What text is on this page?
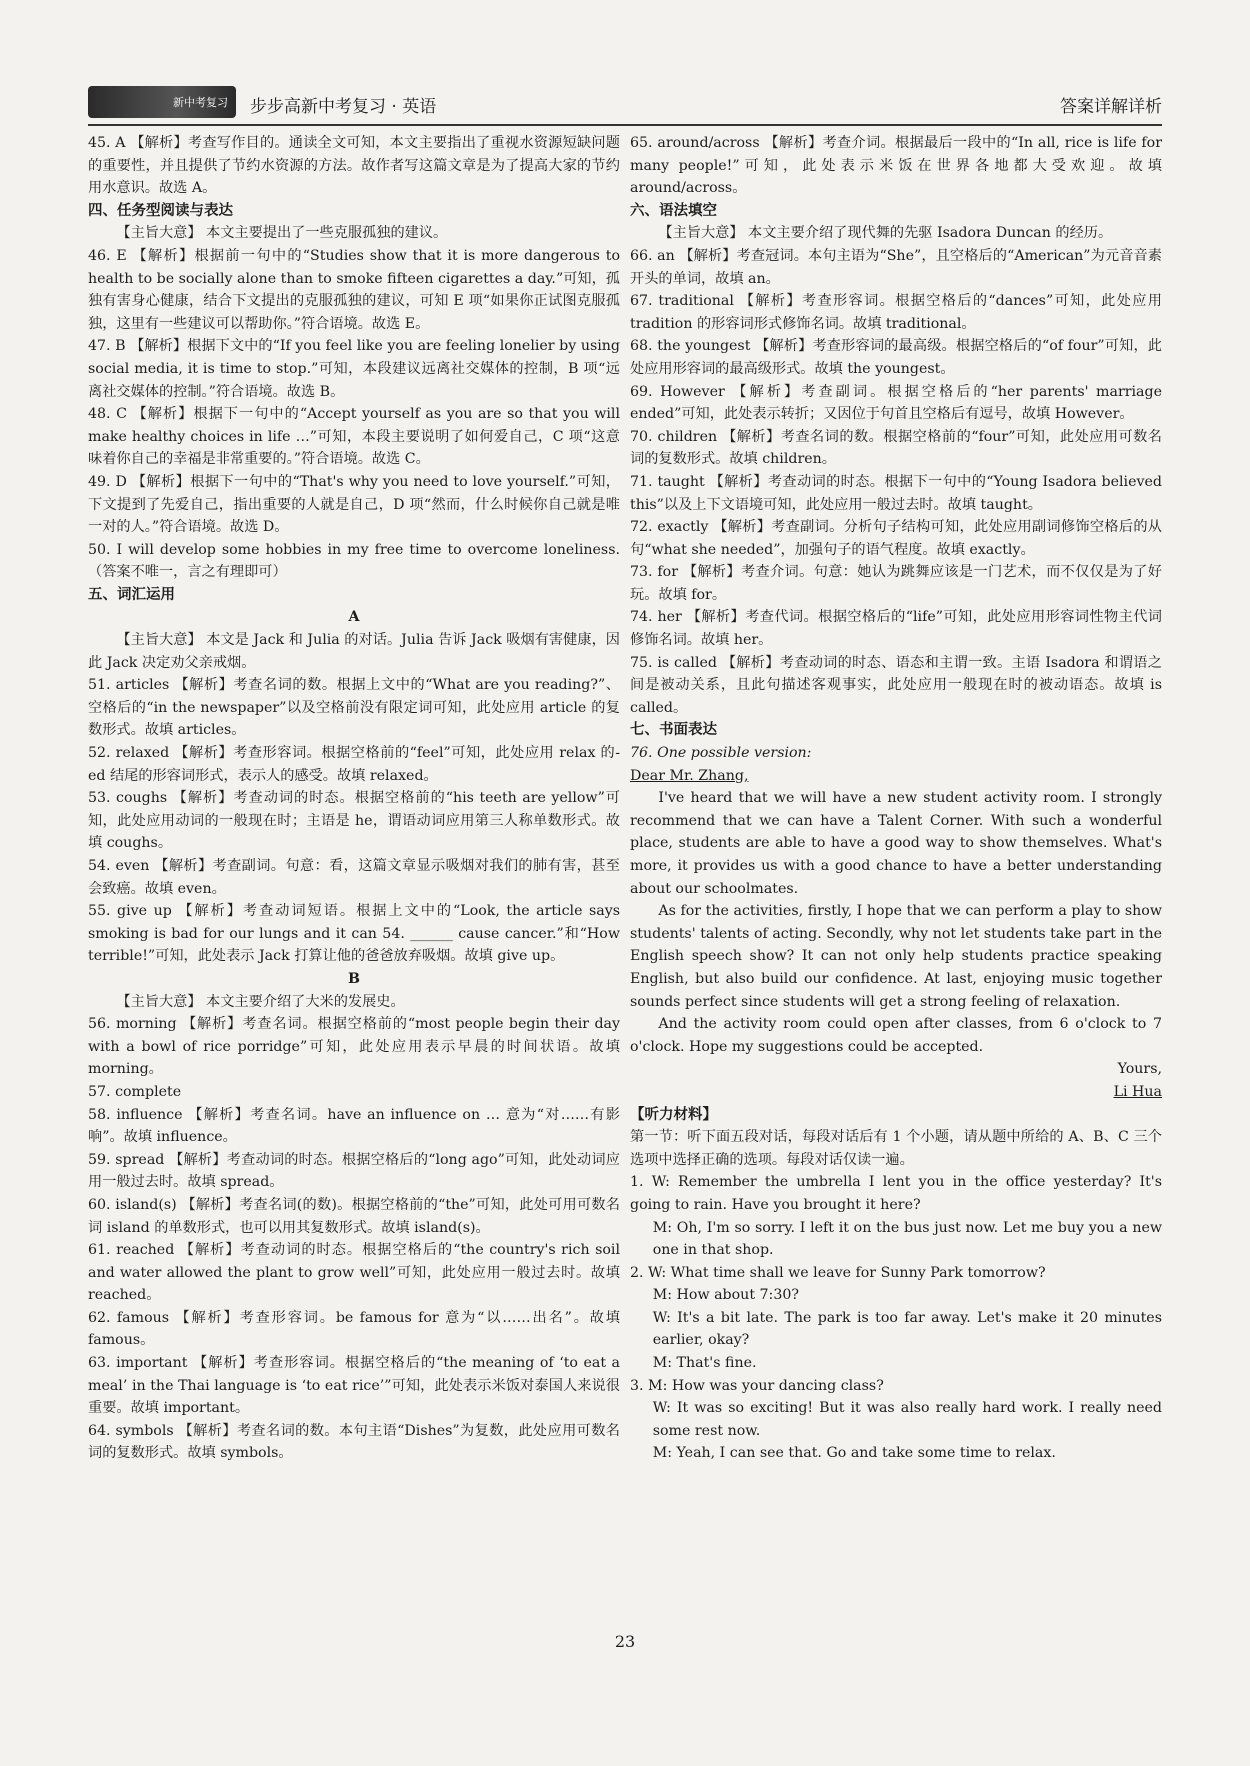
新中考复习 步步高新中考复习 · 英语	答案详解详析

45. A 【解析】考查写作目的。通读全文可知，本文主要指出了重视水资源短缺问题的重要性，并且提供了节约水资源的方法。故作者写这篇文章是为了提高大家的节约用水意识。故选 A。

四、任务型阅读与表达

【主旨大意】 本文主要提出了一些克服孤独的建议。

46. E 【解析】根据前一句中的“Studies show that it is more dangerous to health to be socially alone than to smoke fifteen cigarettes a day.”可知，孤独有害身心健康，结合下文提出的克服孤独的建议，可知 E 项“如果你正试图克服孤独，这里有一些建议可以帮助你。”符合语境。故选 E。

47. B 【解析】根据下文中的“If you feel like you are feeling lonelier by using social media, it is time to stop.”可知，本段建议远离社交媒体的控制，B 项“远离社交媒体的控制。”符合语境。故选 B。

48. C 【解析】根据下一句中的“Accept yourself as you are so that you will make healthy choices in life …”可知，本段主要说明了如何爱自己，C 项“这意味着你自己的幸福是非常重要的。”符合语境。故选 C。

49. D 【解析】根据下一句中的“That's why you need to love yourself.”可知，下文提到了先爱自己，指出重要的人就是自己，D 项“然而，什么时候你自己就是唯一对的人。”符合语境。故选 D。

50. I will develop some hobbies in my free time to overcome loneliness.（答案不唯一，言之有理即可）

五、词汇运用

A

【主旨大意】 本文是 Jack 和 Julia 的对话。Julia 告诉 Jack 吸烟有害健康，因此 Jack 决定劝父亲戒烟。

51. articles 【解析】考查名词的数。根据上文中的“What are you reading?”、空格后的“in the newspaper”以及空格前没有限定词可知，此处应用 article 的复数形式。故填 articles。

52. relaxed 【解析】考查形容词。根据空格前的“feel”可知，此处应用 relax 的-ed 结尾的形容词形式，表示人的感受。故填 relaxed。

53. coughs 【解析】考查动词的时态。根据空格前的“his teeth are yellow”可知，此处应用动词的一般现在时；主语是 he，谓语动词应用第三人称单数形式。故填 coughs。

54. even 【解析】考查副词。句意：看，这篇文章显示吸烟对我们的肺有害，甚至会致癌。故填 even。

55. give up 【解析】考查动词短语。根据上文中的“Look, the article says smoking is bad for our lungs and it can 54. ______ cause cancer.”和“How terrible!”可知，此处表示 Jack 打算让他的爸爸放弃吸烟。故填 give up。

B

【主旨大意】 本文主要介绍了大米的发展史。

56. morning 【解析】考查名词。根据空格前的“most people begin their day with a bowl of rice porridge”可知，此处应用表示早晨的时间状语。故填 morning。

57. complete

58. influence 【解析】考查名词。have an influence on … 意为“对……有影响”。故填 influence。

59. spread 【解析】考查动词的时态。根据空格后的“long ago”可知，此处动词应用一般过去时。故填 spread。

60. island(s) 【解析】考查名词(的数)。根据空格前的“the”可知，此处可用可数名词 island 的单数形式，也可以用其复数形式。故填 island(s)。

61. reached 【解析】考查动词的时态。根据空格后的“the country's rich soil and water allowed the plant to grow well”可知，此处应用一般过去时。故填 reached。

62. famous 【解析】考查形容词。be famous for 意为“以……出名”。故填 famous。

63. important 【解析】考查形容词。根据空格后的“the meaning of ‘to eat a meal’ in the Thai language is ‘to eat rice’”可知，此处表示米饭对泰国人来说很重要。故填 important。

64. symbols 【解析】考查名词的数。本句主语“Dishes”为复数，此处应用可数名词的复数形式。故填 symbols。

65. around/across 【解析】考查介词。根据最后一段中的“In all, rice is life for many people!”可知，此处表示米饭在世界各地都大受欢迎。故填 around/across。

六、语法填空

【主旨大意】 本文主要介绍了现代舞的先驱 Isadora Duncan 的经历。

66. an 【解析】考查冠词。本句主语为“She”，且空格后的“American”为元音音素开头的单词，故填 an。

67. traditional 【解析】考查形容词。根据空格后的“dances”可知，此处应用 tradition 的形容词形式修饰名词。故填 traditional。

68. the youngest 【解析】考查形容词的最高级。根据空格后的“of four”可知，此处应用形容词的最高级形式。故填 the youngest。

69. However 【解析】考查副词。根据空格后的“her parents' marriage ended”可知，此处表示转折；又因位于句首且空格后有逗号，故填 However。

70. children 【解析】考查名词的数。根据空格前的“four”可知，此处应用可数名词的复数形式。故填 children。

71. taught 【解析】考查动词的时态。根据下一句中的“Young Isadora believed this”以及上下文语境可知，此处应用一般过去时。故填 taught。

72. exactly 【解析】考查副词。分析句子结构可知，此处应用副词修饰空格后的从句“what she needed”，加强句子的语气程度。故填 exactly。

73. for 【解析】考查介词。句意：她认为跳舞应该是一门艺术，而不仅仅是为了好玩。故填 for。

74. her 【解析】考查代词。根据空格后的“life”可知，此处应用形容词性物主代词修饰名词。故填 her。

75. is called 【解析】考查动词的时态、语态和主谓一致。主语 Isadora 和谓语之间是被动关系，且此句描述客观事实，此处应用一般现在时的被动语态。故填 is called。

七、书面表达

76. One possible version:

Dear Mr. Zhang,

I've heard that we will have a new student activity room. I strongly recommend that we can have a Talent Corner. With such a wonderful place, students are able to have a good way to show themselves. What's more, it provides us with a good chance to have a better understanding about our schoolmates.

As for the activities, firstly, I hope that we can perform a play to show students' talents of acting. Secondly, why not let students take part in the English speech show? It can not only help students practice speaking English, but also build our confidence. At last, enjoying music together sounds perfect since students will get a strong feeling of relaxation.

And the activity room could open after classes, from 6 o'clock to 7 o'clock. Hope my suggestions could be accepted.

Yours,

Li Hua

【听力材料】

第一节：听下面五段对话，每段对话后有 1 个小题，请从题中所给的 A、B、C 三个选项中选择正确的选项。每段对话仅读一遍。

1. W: Remember the umbrella I lent you in the office yesterday? It's going to rain. Have you brought it here?

M: Oh, I'm so sorry. I left it on the bus just now. Let me buy you a new one in that shop.

2. W: What time shall we leave for Sunny Park tomorrow?

M: How about 7:30?

W: It's a bit late. The park is too far away. Let's make it 20 minutes earlier, okay?

M: That's fine.

3. M: How was your dancing class?

W: It was so exciting! But it was also really hard work. I really need some rest now.

M: Yeah, I can see that. Go and take some time to relax.

23
